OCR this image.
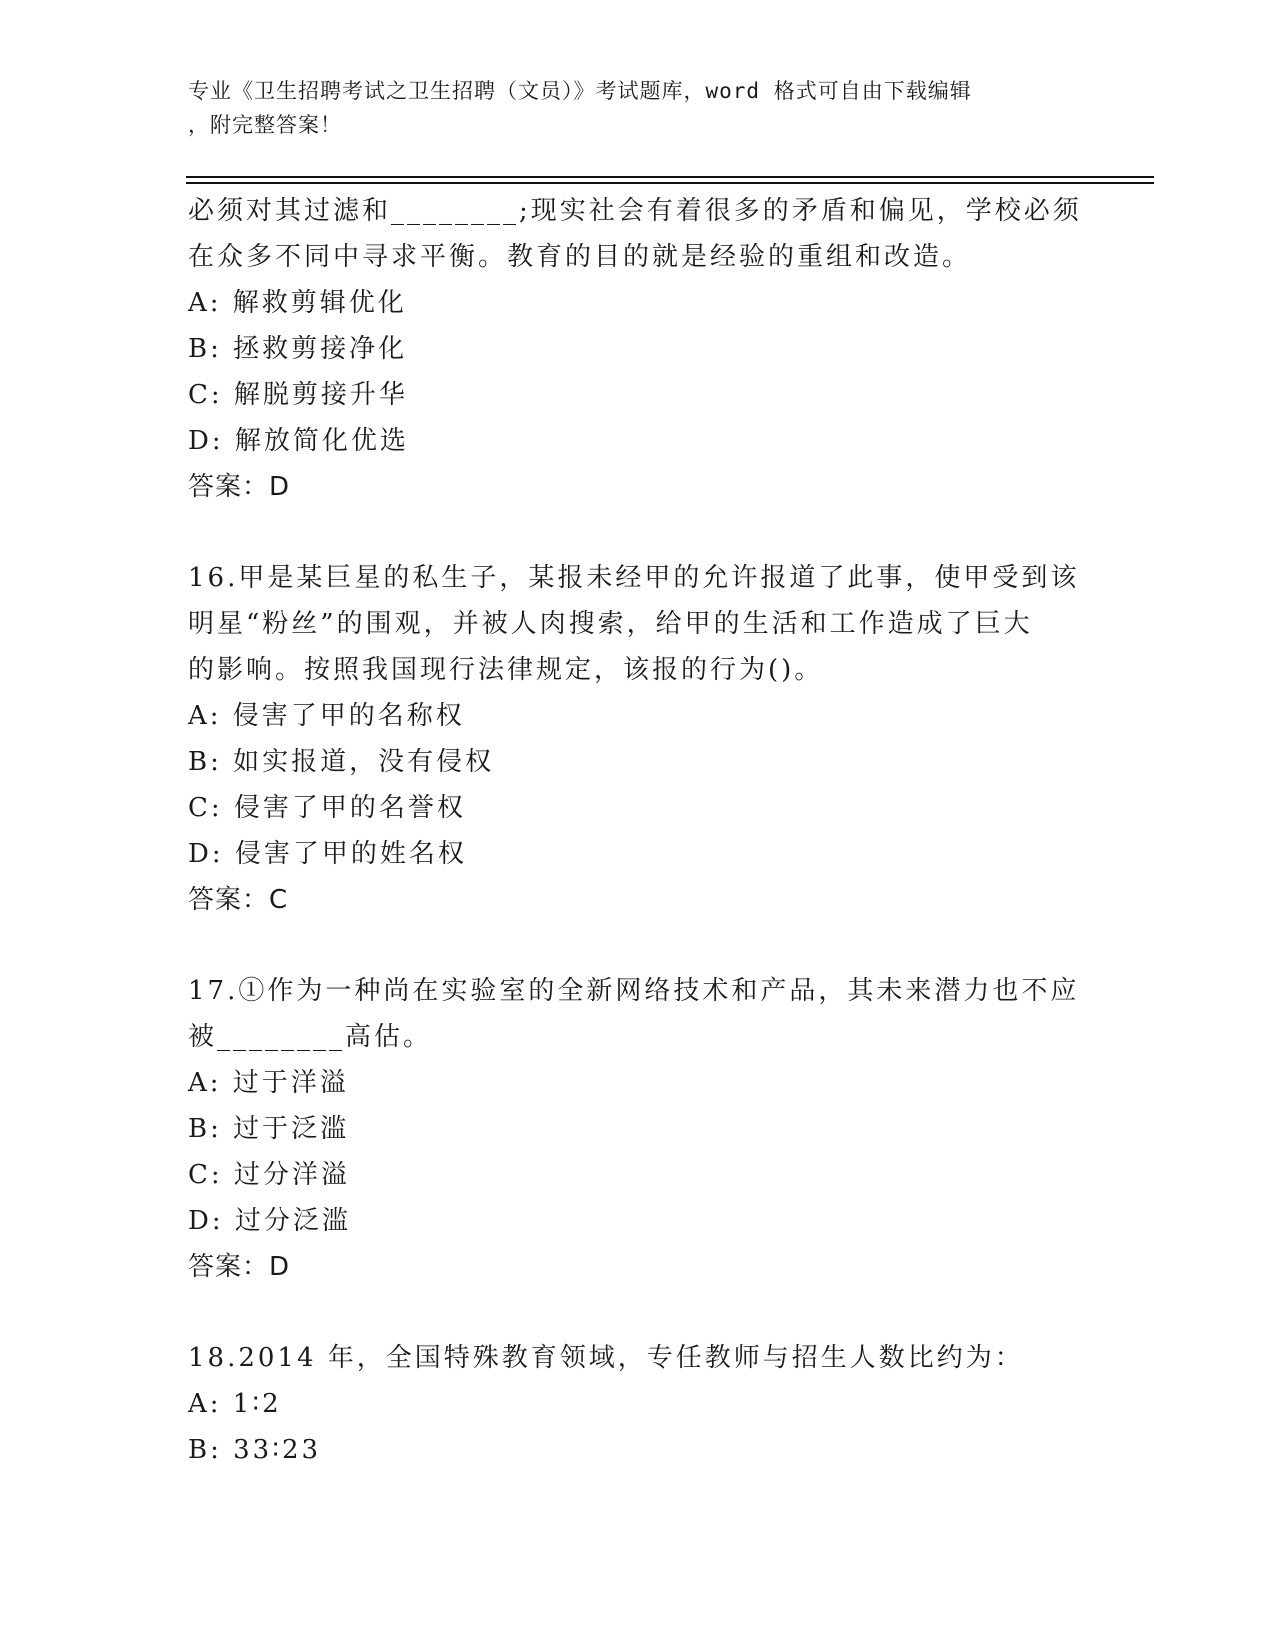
专业《卫生招聘考试之卫生招聘（文员）》考试题库，word 格式可自由下载编辑
，附完整答案！
必须对其过滤和________;现实社会有着很多的矛盾和偏见，学校必须
在众多不同中寻求平衡。教育的目的就是经验的重组和改造。
A: 解救剪辑优化
B: 拯救剪接净化
C: 解脱剪接升华
D: 解放简化优选
答案：D
16.甲是某巨星的私生子，某报未经甲的允许报道了此事，使甲受到该
明星“粉丝”的围观，并被人肉搜索，给甲的生活和工作造成了巨大
的影响。按照我国现行法律规定，该报的行为()。
A: 侵害了甲的名称权
B: 如实报道，没有侵权
C: 侵害了甲的名誉权
D: 侵害了甲的姓名权
答案：C
17.①作为一种尚在实验室的全新网络技术和产品，其未来潜力也不应
被________高估。
A: 过于洋溢
B: 过于泛滥
C: 过分洋溢
D: 过分泛滥
答案：D
18.2014 年，全国特殊教育领域，专任教师与招生人数比约为：
A: 1∶2
B: 33∶23
